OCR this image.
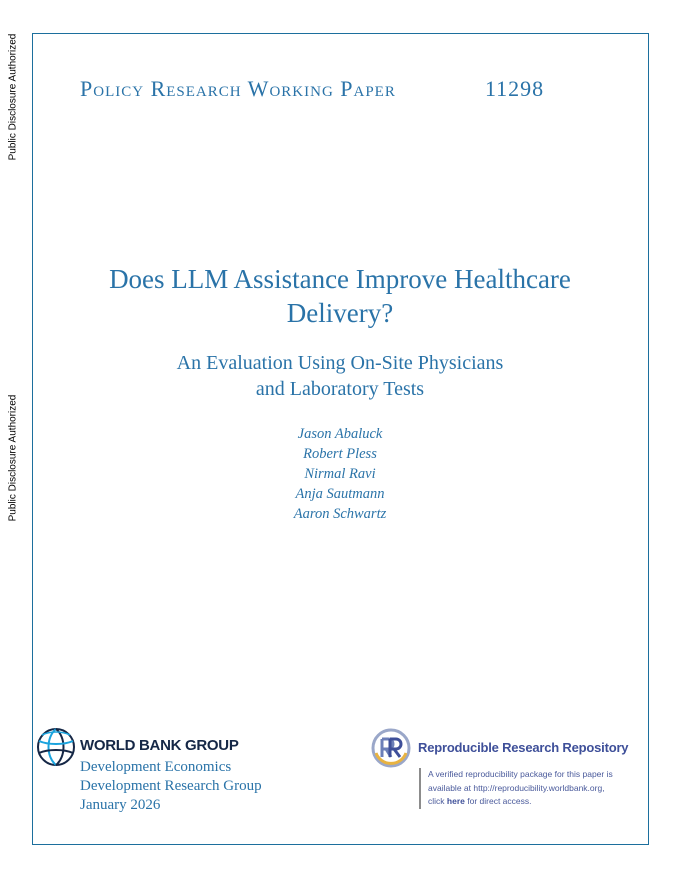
Public Disclosure Authorized
Public Disclosure Authorized
Policy Research Working Paper	11298
Does LLM Assistance Improve Healthcare
Delivery?
An Evaluation Using On-Site Physicians
and Laboratory Tests
Jason Abaluck
Robert Pless
Nirmal Ravi
Anja Sautmann
Aaron Schwartz
WORLD BANK GROUP
Development Economics
Development Research Group
January 2026
Reproducible Research Repository
A verified reproducibility package for this paper is
available at http://reproducibility.worldbank.org,
click here for direct access.
